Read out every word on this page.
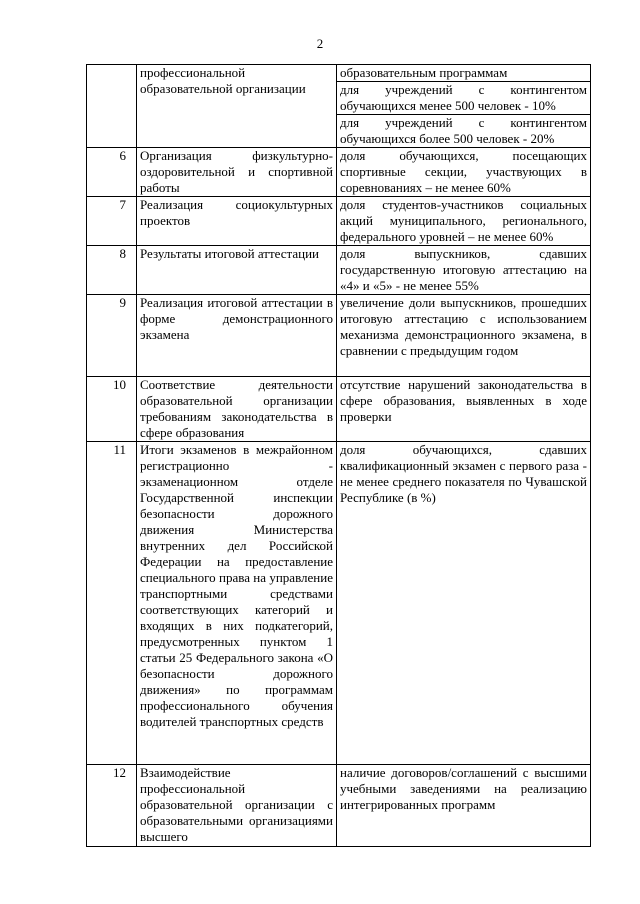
2
	профессиональной образовательной организации	образовательным программам
		для учреждений с контингентом обучающихся менее 500 человек - 10%
		для учреждений с контингентом обучающихся более 500 человек - 20%
6	Организация физкультурно-оздоровительной и спортивной работы	доля обучающихся, посещающих спортивные секции, участвующих в соревнованиях – не менее 60%
7	Реализация социокультурных проектов	доля студентов-участников социальных акций муниципального, регионального, федерального уровней – не менее 60%
8	Результаты итоговой аттестации	доля выпускников, сдавших государственную итоговую аттестацию на «4» и «5» - не менее 55%
9	Реализация итоговой аттестации в форме демонстрационного экзамена	увеличение доли выпускников, прошедших итоговую аттестацию с использованием механизма демонстрационного экзамена, в сравнении с предыдущим годом
10	Соответствие деятельности образовательной организации требованиям законодательства в сфере образования	отсутствие нарушений законодательства в сфере образования, выявленных в ходе проверки
11	Итоги экзаменов в межрайонном регистрационно - экзаменационном отделе Государственной инспекции безопасности дорожного движения Министерства внутренних дел Российской Федерации на предоставление специального права на управление транспортными средствами соответствующих категорий и входящих в них подкатегорий, предусмотренных пунктом 1 статьи 25 Федерального закона «О безопасности дорожного движения» по программам профессионального обучения водителей транспортных средств	доля обучающихся, сдавших квалификационный экзамен с первого раза - не менее среднего показателя по Чувашской Республике (в %)
12	Взаимодействие профессиональной образовательной организации с образовательными организациями высшего	наличие договоров/соглашений с высшими учебными заведениями на реализацию интегрированных программ
